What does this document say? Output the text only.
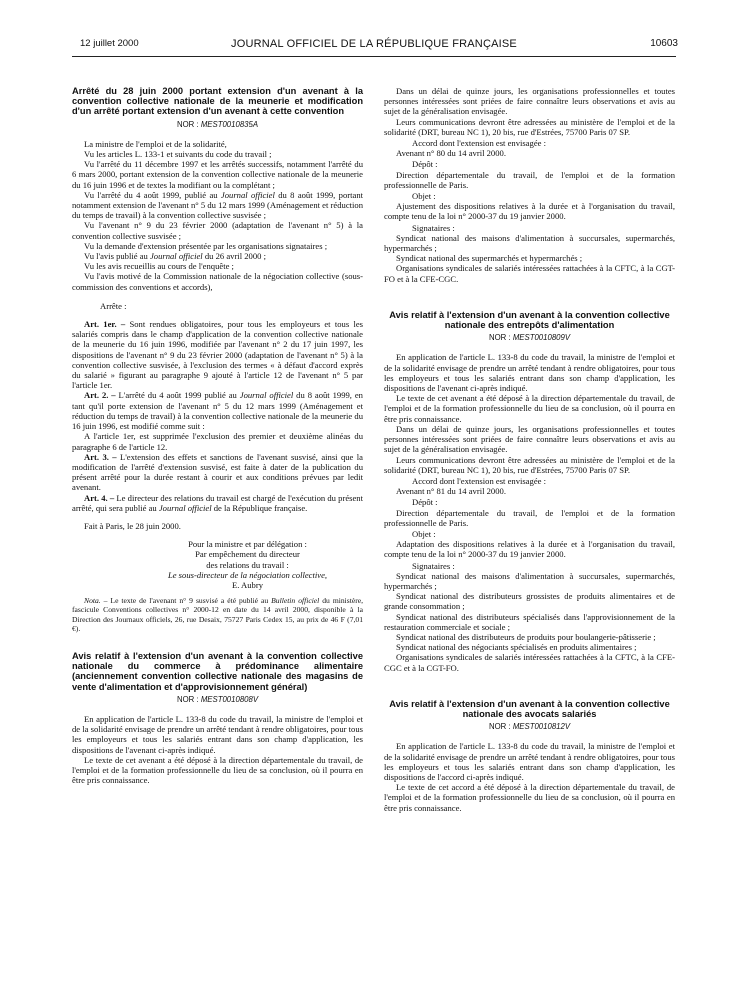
12 juillet 2000	JOURNAL OFFICIEL DE LA RÉPUBLIQUE FRANÇAISE	10603

Arrêté du 28 juin 2000 portant extension d'un avenant à la convention collective nationale de la meunerie et modification d'un arrêté portant extension d'un avenant à cette convention

NOR : MEST0010835A

La ministre de l'emploi et de la solidarité,

Vu les articles L. 133-1 et suivants du code du travail ;

Vu l'arrêté du 11 décembre 1997 et les arrêtés successifs, notamment l'arrêté du 6 mars 2000, portant extension de la convention collective nationale de la meunerie du 16 juin 1996 et de textes la modifiant ou la complétant ;

Vu l'arrêté du 4 août 1999, publié au Journal officiel du 8 août 1999, portant notamment extension de l'avenant n° 5 du 12 mars 1999 (Aménagement et réduction du temps de travail) à la convention collective susvisée ;

Vu l'avenant n° 9 du 23 février 2000 (adaptation de l'avenant n° 5) à la convention collective susvisée ;

Vu la demande d'extension présentée par les organisations signataires ;

Vu l'avis publié au Journal officiel du 26 avril 2000 ;

Vu les avis recueillis au cours de l'enquête ;

Vu l'avis motivé de la Commission nationale de la négociation collective (sous-commission des conventions et accords),

Arrête :

Art. 1er. – Sont rendues obligatoires, pour tous les employeurs et tous les salariés compris dans le champ d'application de la convention collective nationale de la meunerie du 16 juin 1996, modifiée par l'avenant n° 2 du 17 juin 1997, les dispositions de l'avenant n° 9 du 23 février 2000 (adaptation de l'avenant n° 5) à la convention collective susvisée, à l'exclusion des termes « à défaut d'accord exprès du salarié » figurant au paragraphe 9 ajouté à l'article 12 de l'avenant n° 5 par l'article 1er.

Art. 2. – L'arrêté du 4 août 1999 publié au Journal officiel du 8 août 1999, en tant qu'il porte extension de l'avenant n° 5 du 12 mars 1999 (Aménagement et réduction du temps de travail) à la convention collective nationale de la meunerie du 16 juin 1996, est modifié comme suit :

A l'article 1er, est supprimée l'exclusion des premier et deuxième alinéas du paragraphe 6 de l'article 12.

Art. 3. – L'extension des effets et sanctions de l'avenant susvisé, ainsi que la modification de l'arrêté d'extension susvisé, est faite à dater de la publication du présent arrêté pour la durée restant à courir et aux conditions prévues par ledit avenant.

Art. 4. – Le directeur des relations du travail est chargé de l'exécution du présent arrêté, qui sera publié au Journal officiel de la République française.

Fait à Paris, le 28 juin 2000.

Pour la ministre et par délégation :

Par empêchement du directeur

des relations du travail :

Le sous-directeur de la négociation collective,

E. Aubry

Nota. – Le texte de l'avenant n° 9 susvisé a été publié au Bulletin officiel du ministère, fascicule Conventions collectives n° 2000-12 en date du 14 avril 2000, disponible à la Direction des Journaux officiels, 26, rue Desaix, 75727 Paris Cedex 15, au prix de 46 F (7,01 €).

Avis relatif à l'extension d'un avenant à la convention collective nationale du commerce à prédominance alimentaire (anciennement convention collective nationale des magasins de vente d'alimentation et d'approvisionnement général)

NOR : MEST0010808V

En application de l'article L. 133-8 du code du travail, la ministre de l'emploi et de la solidarité envisage de prendre un arrêté tendant à rendre obligatoires, pour tous les employeurs et tous les salariés entrant dans son champ d'application, les dispositions de l'avenant ci-après indiqué.

Le texte de cet avenant a été déposé à la direction départementale du travail, de l'emploi et de la formation professionnelle du lieu de sa conclusion, où il pourra en être pris connaissance.

Dans un délai de quinze jours, les organisations professionnelles et toutes personnes intéressées sont priées de faire connaître leurs observations et avis au sujet de la généralisation envisagée.

Leurs communications devront être adressées au ministère de l'emploi et de la solidarité (DRT, bureau NC 1), 20 bis, rue d'Estrées, 75700 Paris 07 SP.

Accord dont l'extension est envisagée :

Avenant n° 80 du 14 avril 2000.

Dépôt :

Direction départementale du travail, de l'emploi et de la formation professionnelle de Paris.

Objet :

Ajustement des dispositions relatives à la durée et à l'organisation du travail, compte tenu de la loi n° 2000-37 du 19 janvier 2000.

Signataires :

Syndicat national des maisons d'alimentation à succursales, supermarchés, hypermarchés ;

Syndicat national des supermarchés et hypermarchés ;

Organisations syndicales de salariés intéressées rattachées à la CFTC, à la CGT-FO et à la CFE-CGC.

Avis relatif à l'extension d'un avenant à la convention collective nationale des entrepôts d'alimentation

NOR : MEST0010809V

En application de l'article L. 133-8 du code du travail, la ministre de l'emploi et de la solidarité envisage de prendre un arrêté tendant à rendre obligatoires, pour tous les employeurs et tous les salariés entrant dans son champ d'application, les dispositions de l'avenant ci-après indiqué.

Le texte de cet avenant a été déposé à la direction départementale du travail, de l'emploi et de la formation professionnelle du lieu de sa conclusion, où il pourra en être pris connaissance.

Dans un délai de quinze jours, les organisations professionnelles et toutes personnes intéressées sont priées de faire connaître leurs observations et avis au sujet de la généralisation envisagée.

Leurs communications devront être adressées au ministère de l'emploi et de la solidarité (DRT, bureau NC 1), 20 bis, rue d'Estrées, 75700 Paris 07 SP.

Accord dont l'extension est envisagée :

Avenant n° 81 du 14 avril 2000.

Dépôt :

Direction départementale du travail, de l'emploi et de la formation professionnelle de Paris.

Objet :

Adaptation des dispositions relatives à la durée et à l'organisation du travail, compte tenu de la loi n° 2000-37 du 19 janvier 2000.

Signataires :

Syndicat national des maisons d'alimentation à succursales, supermarchés, hypermarchés ;

Syndicat national des distributeurs grossistes de produits alimentaires et de grande consommation ;

Syndicat national des distributeurs spécialisés dans l'approvisionnement de la restauration commerciale et sociale ;

Syndicat national des distributeurs de produits pour boulangerie-pâtisserie ;

Syndicat national des négociants spécialisés en produits alimentaires ;

Organisations syndicales de salariés intéressées rattachées à la CFTC, à la CFE-CGC et à la CGT-FO.

Avis relatif à l'extension d'un avenant à la convention collective nationale des avocats salariés

NOR : MEST0010812V

En application de l'article L. 133-8 du code du travail, la ministre de l'emploi et de la solidarité envisage de prendre un arrêté tendant à rendre obligatoires, pour tous les employeurs et tous les salariés entrant dans son champ d'application, les dispositions de l'accord ci-après indiqué.

Le texte de cet accord a été déposé à la direction départementale du travail, de l'emploi et de la formation professionnelle du lieu de sa conclusion, où il pourra en être pris connaissance.
